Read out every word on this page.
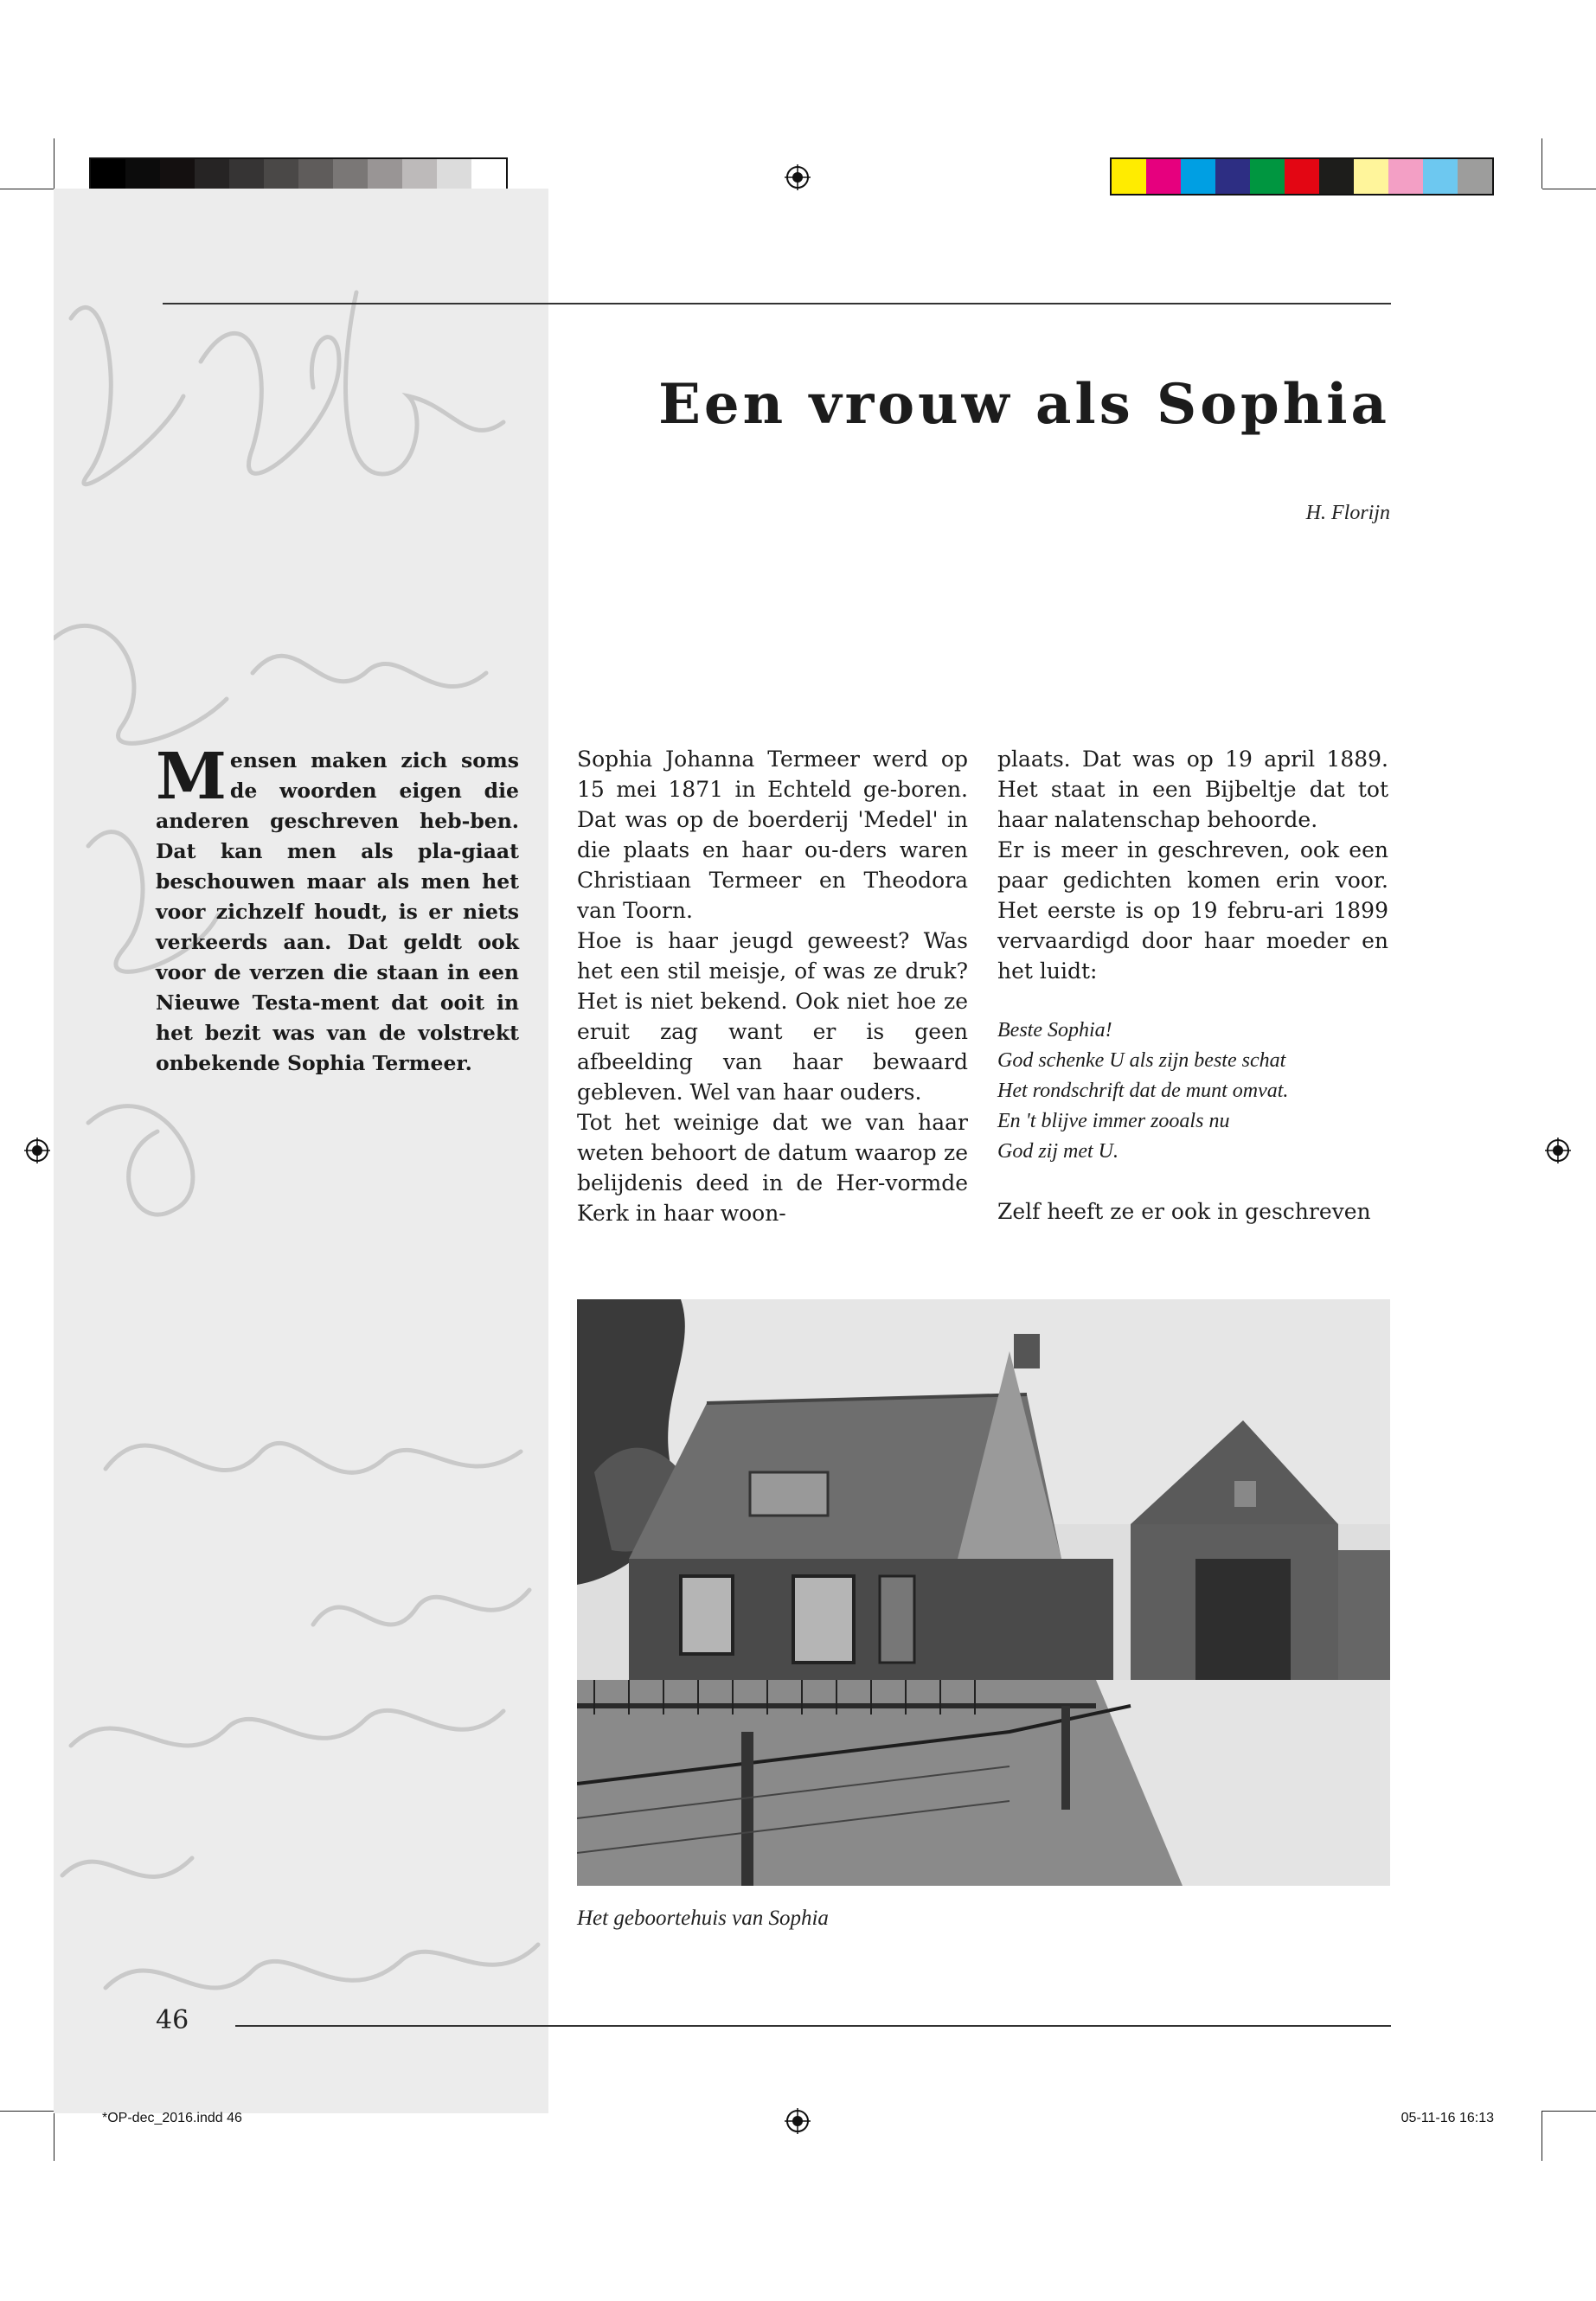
Een vrouw als Sophia
H. Florijn
Mensen maken zich soms de woorden eigen die anderen geschreven heb-ben. Dat kan men als pla-giaat beschouwen maar als men het voor zichzelf houdt, is er niets verkeerds aan. Dat geldt ook voor de verzen die staan in een Nieuwe Testa-ment dat ooit in het bezit was van de volstrekt onbekende Sophia Termeer.

Sophia Johanna Termeer werd op 15 mei 1871 in Echteld ge-boren. Dat was op de boerderij 'Medel' in die plaats en haar ou-ders waren Christiaan Termeer en Theodora van Toorn.

Hoe is haar jeugd geweest? Was het een stil meisje, of was ze druk? Het is niet bekend. Ook niet hoe ze eruit zag want er is geen afbeelding van haar bewaard gebleven. Wel van haar ouders.

Tot het weinige dat we van haar weten behoort de datum waarop ze belijdenis deed in de Her-vormde Kerk in haar woon-

plaats. Dat was op 19 april 1889. Het staat in een Bijbeltje dat tot haar nalatenschap behoorde.

Er is meer in geschreven, ook een paar gedichten komen erin voor. Het eerste is op 19 febru-ari 1899 vervaardigd door haar moeder en het luidt:

Beste Sophia!
God schenke U als zijn beste schat
Het rondschrift dat de munt omvat.
En 't blijve immer zooals nu
God zij met U.

Zelf heeft ze er ook in geschreven

Het geboortehuis van Sophia
46
*OP-dec_2016.indd 46	05-11-16 16:13
